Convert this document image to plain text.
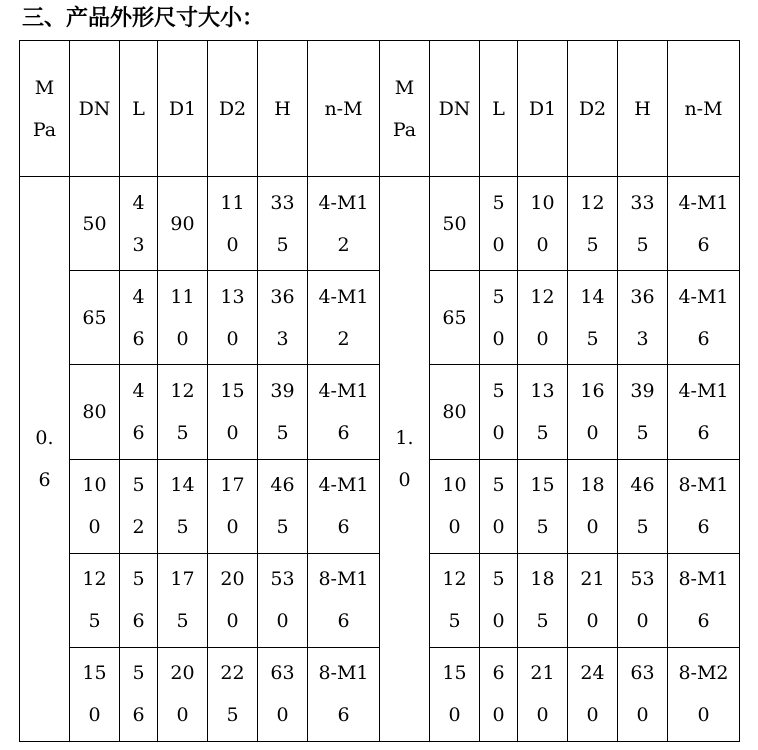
三、产品外形尺寸大小：
MPa	DN	L	D1	D2	H	n-M	MPa	DN	L	D1	D2	H	n-M

0.6	50	43	90	110	335	4-M12	1.0	50	50	100	125	335	4-M16

	65	46	110	130	363	4-M12		65	50	120	145	363	4-M16

	80	46	125	150	395	4-M16		80	50	135	160	395	4-M16

	100	52	145	170	465	4-M16		100	50	155	180	465	8-M16

	125	56	175	200	530	8-M16		125	50	185	210	530	8-M16

	150	56	200	225	630	8-M16		150	60	210	240	630	8-M20
